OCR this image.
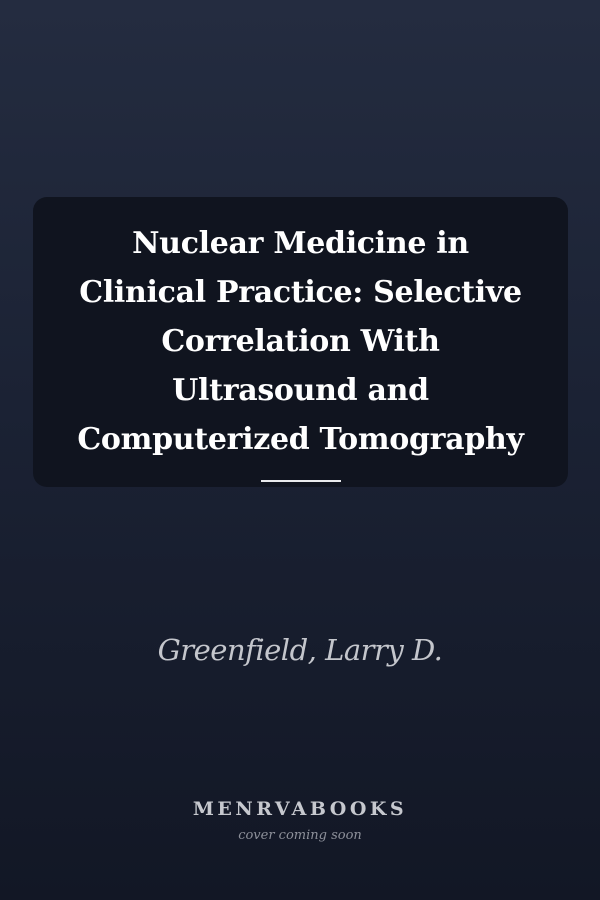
Nuclear Medicine in
Clinical Practice: Selective
Correlation With
Ultrasound and
Computerized Tomography
Greenfield, Larry D.
MENRVABOOKS
cover coming soon
